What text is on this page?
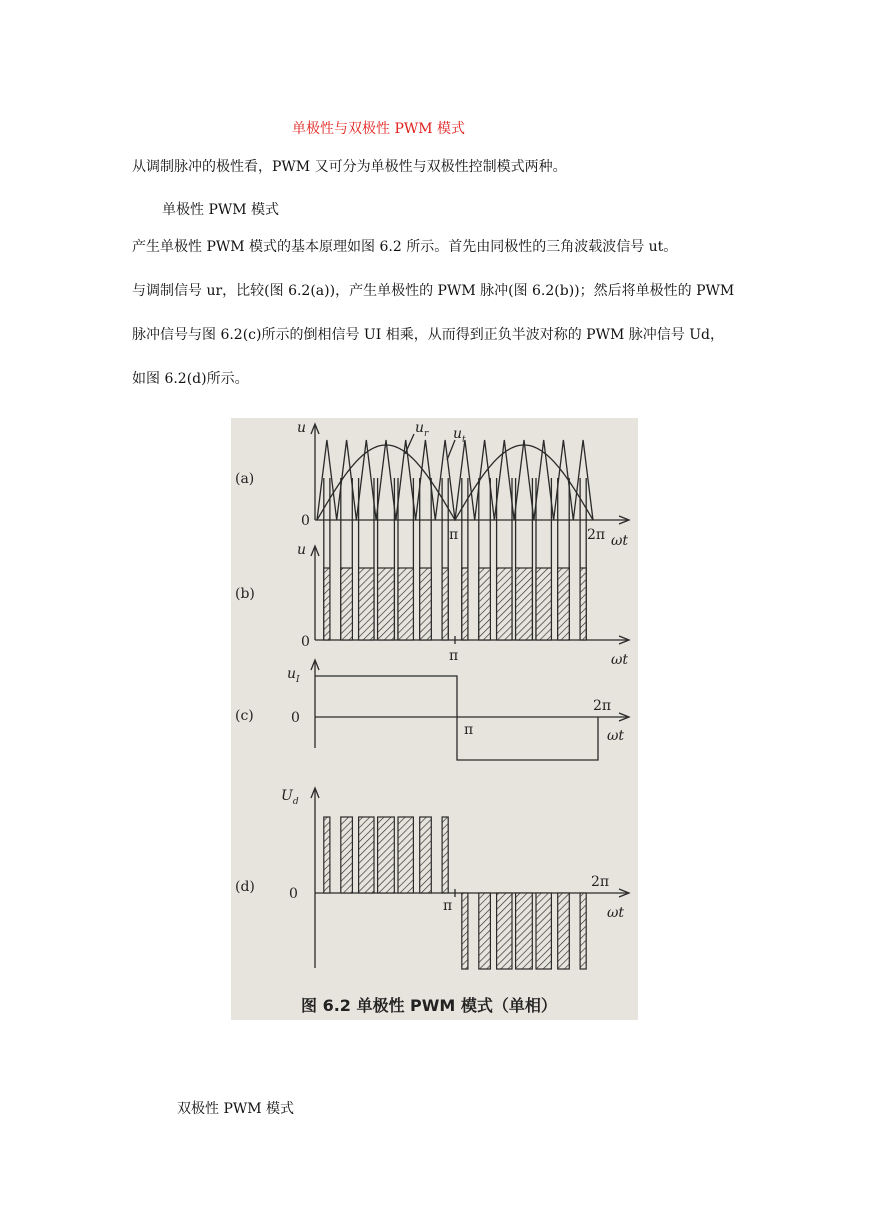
单极性与双极性 PWM 模式
从调制脉冲的极性看，PWM 又可分为单极性与双极性控制模式两种。
单极性 PWM 模式
产生单极性 PWM 模式的基本原理如图 6.2 所示。首先由同极性的三角波载波信号 ut。
与调制信号 ur，比较(图 6.2(a))，产生单极性的 PWM 脉冲(图 6.2(b))；然后将单极性的 PWM
脉冲信号与图 6.2(c)所示的倒相信号 UI 相乘，从而得到正负半波对称的 PWM 脉冲信号 Ud，
如图 6.2(d)所示。
(a)
u
0
$u_r$ $u_t$
π	2π ωt
(b)
u
0
π	ωt
(c)
$u_I$
0
π
2π
ωt
(d)
$U_d$
0
π
2π
ωt
图 6.2 单极性 PWM 模式（单相）
双极性 PWM 模式
